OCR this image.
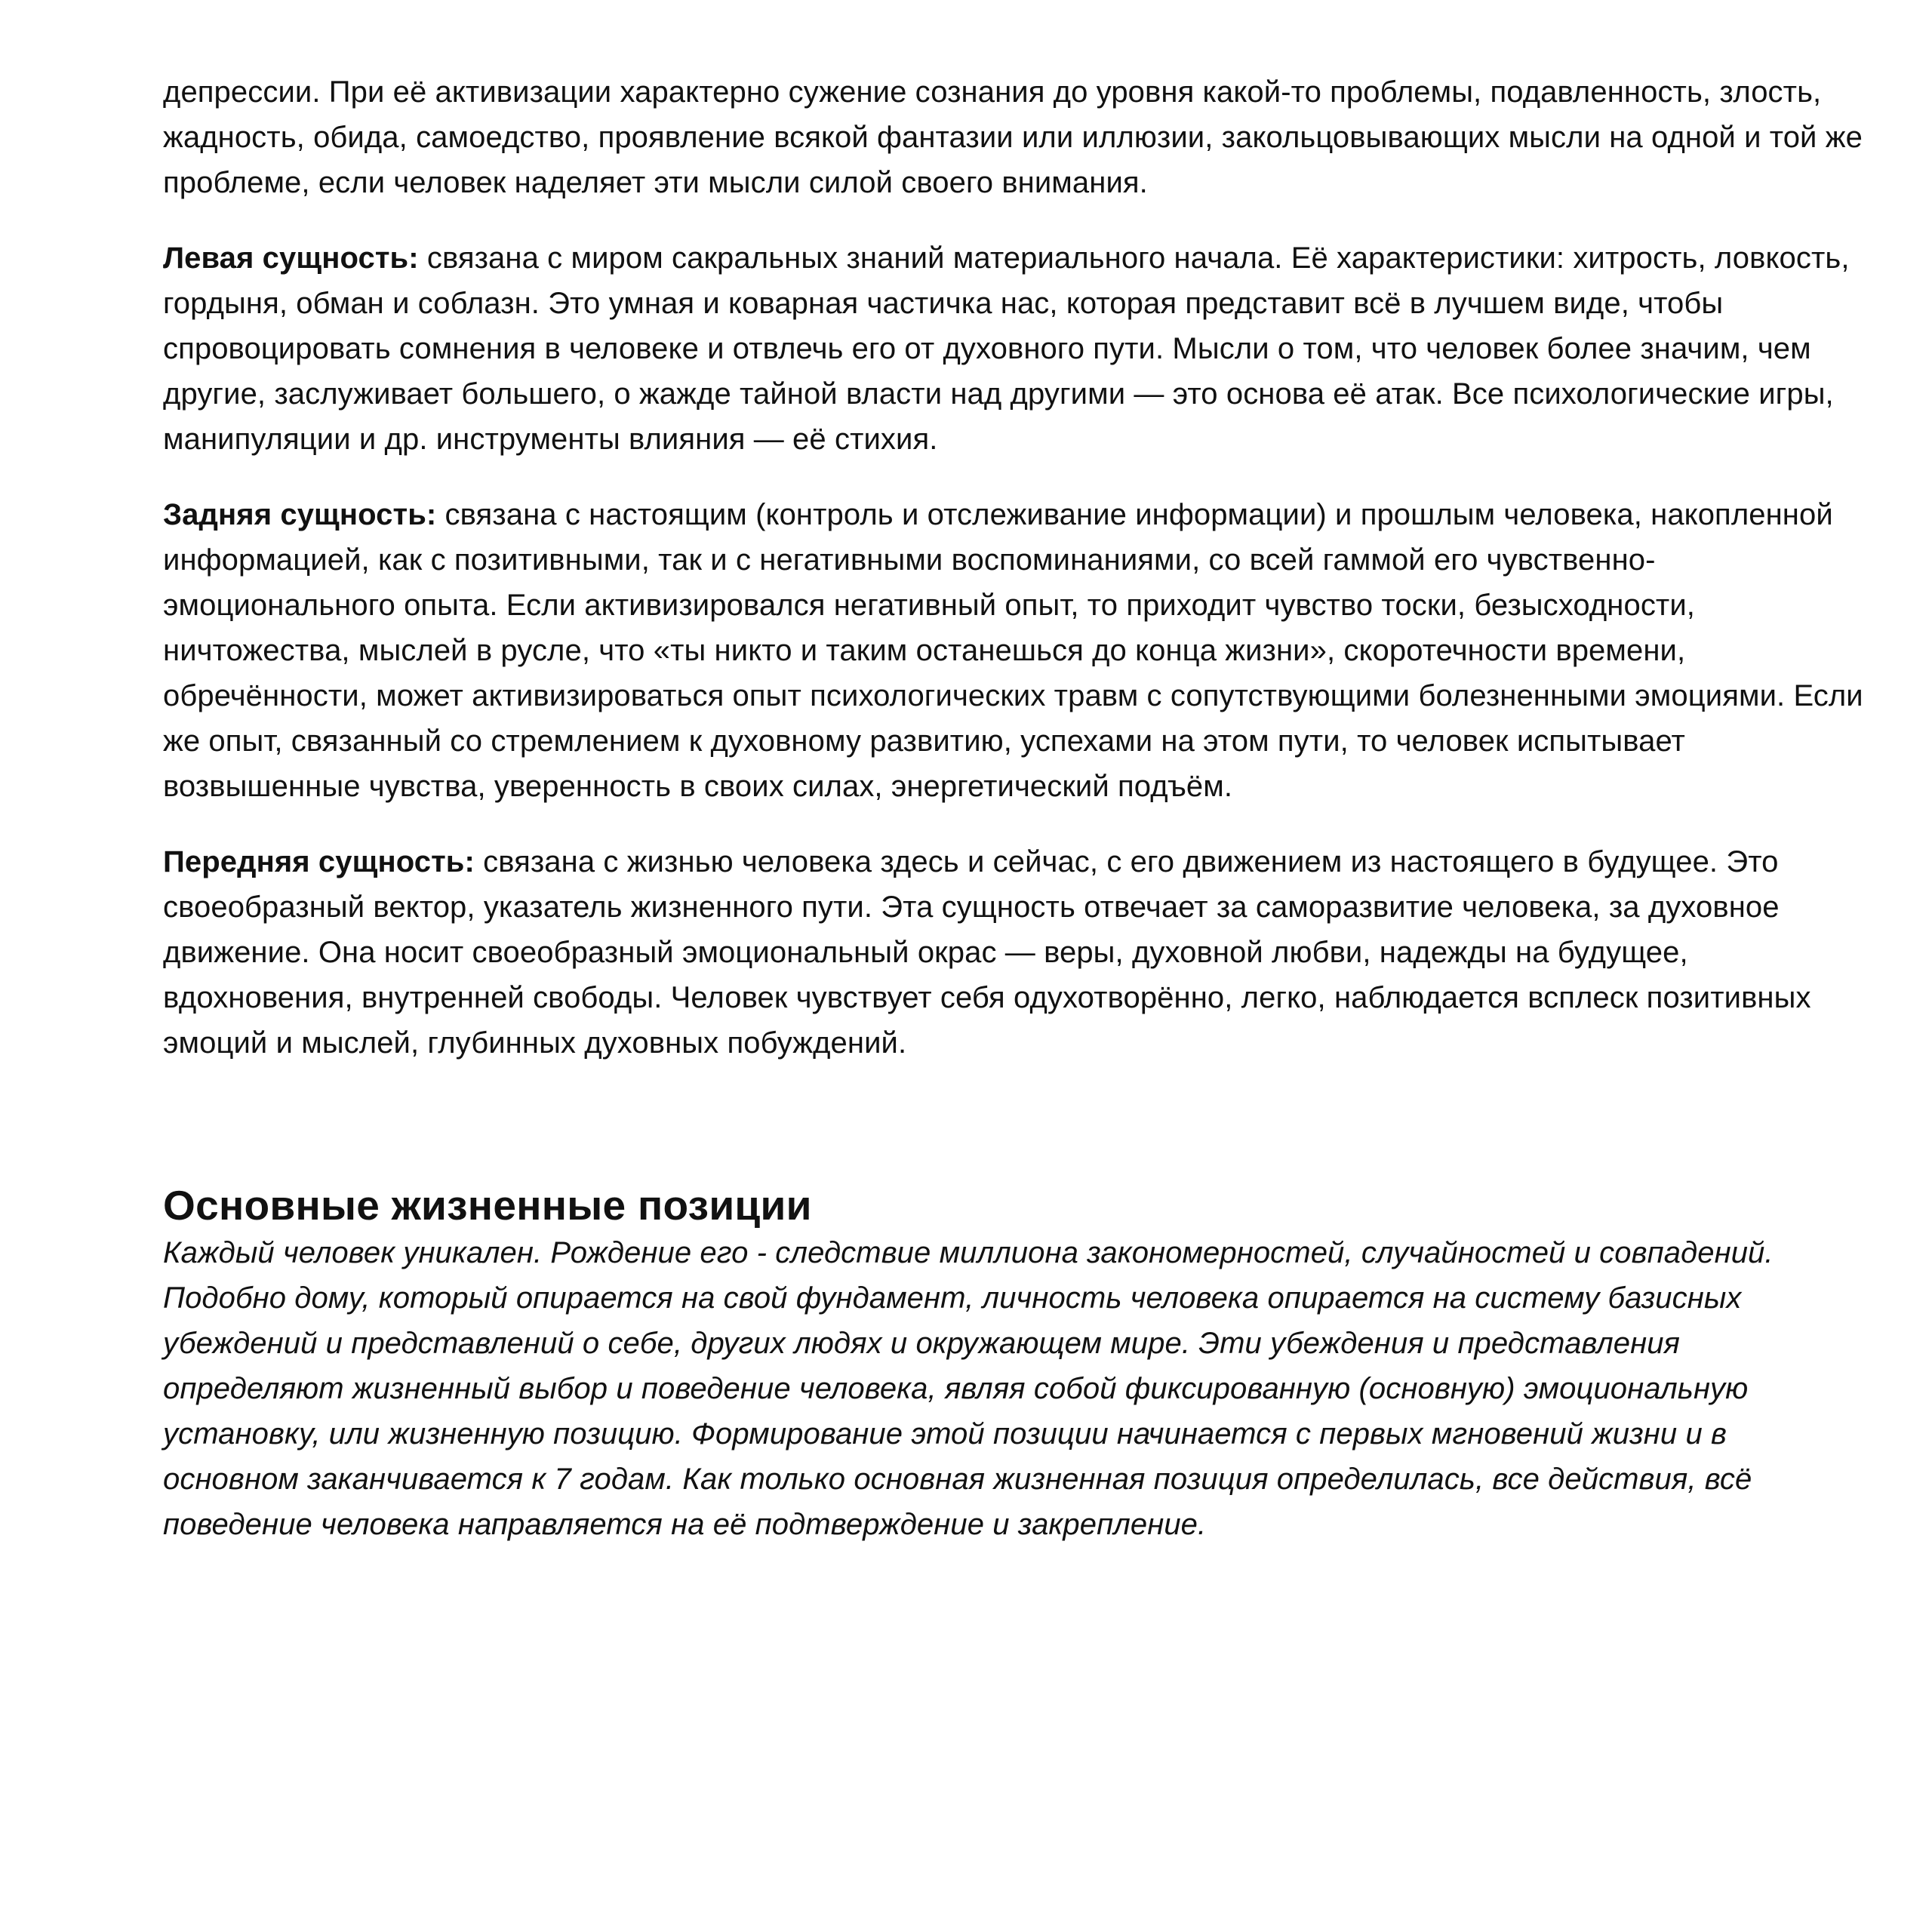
депрессии. При её активизации характерно сужение сознания до уровня какой-то проблемы, подавленность, злость, жадность, обида, самоедство, проявление всякой фантазии или иллюзии, закольцовывающих мысли на одной и той же проблеме, если человек наделяет эти мысли силой своего внимания.

Левая сущность: связана с миром сакральных знаний материального начала. Её характеристики: хитрость, ловкость, гордыня, обман и соблазн. Это умная и коварная частичка нас, которая представит всё в лучшем виде, чтобы спровоцировать сомнения в человеке и отвлечь его от духовного пути. Мысли о том, что человек более значим, чем другие, заслуживает большего, о жажде тайной власти над другими — это основа её атак. Все психологические игры, манипуляции и др. инструменты влияния — её стихия.

Задняя сущность: связана с настоящим (контроль и отслеживание информации) и прошлым человека, накопленной информацией, как с позитивными, так и с негативными воспоминаниями, со всей гаммой его чувственно-эмоционального опыта. Если активизировался негативный опыт, то приходит чувство тоски, безысходности, ничтожества, мыслей в русле, что «ты никто и таким останешься до конца жизни», скоротечности времени, обречённости, может активизироваться опыт психологических травм с сопутствующими болезненными эмоциями. Если же опыт, связанный со стремлением к духовному развитию, успехами на этом пути, то человек испытывает возвышенные чувства, уверенность в своих силах, энергетический подъём.

Передняя сущность: связана с жизнью человека здесь и сейчас, с его движением из настоящего в будущее. Это своеобразный вектор, указатель жизненного пути. Эта сущность отвечает за саморазвитие человека, за духовное движение. Она носит своеобразный эмоциональный окрас — веры, духовной любви, надежды на будущее, вдохновения, внутренней свободы. Человек чувствует себя одухотворённо, легко, наблюдается всплеск позитивных эмоций и мыслей, глубинных духовных побуждений.

Основные жизненные позиции

Каждый человек уникален. Рождение его - следствие миллиона закономерностей, случайностей и совпадений. Подобно дому, который опирается на свой фундамент, личность человека опирается на систему базисных убеждений и представлений о себе, других людях и окружающем мире. Эти убеждения и представления определяют жизненный выбор и поведение человека, являя собой фиксированную (основную) эмоциональную установку, или жизненную позицию. Формирование этой позиции начинается с первых мгновений жизни и в основном заканчивается к 7 годам. Как только основная жизненная позиция определилась, все действия, всё поведение человека направляется на её подтверждение и закрепление.
